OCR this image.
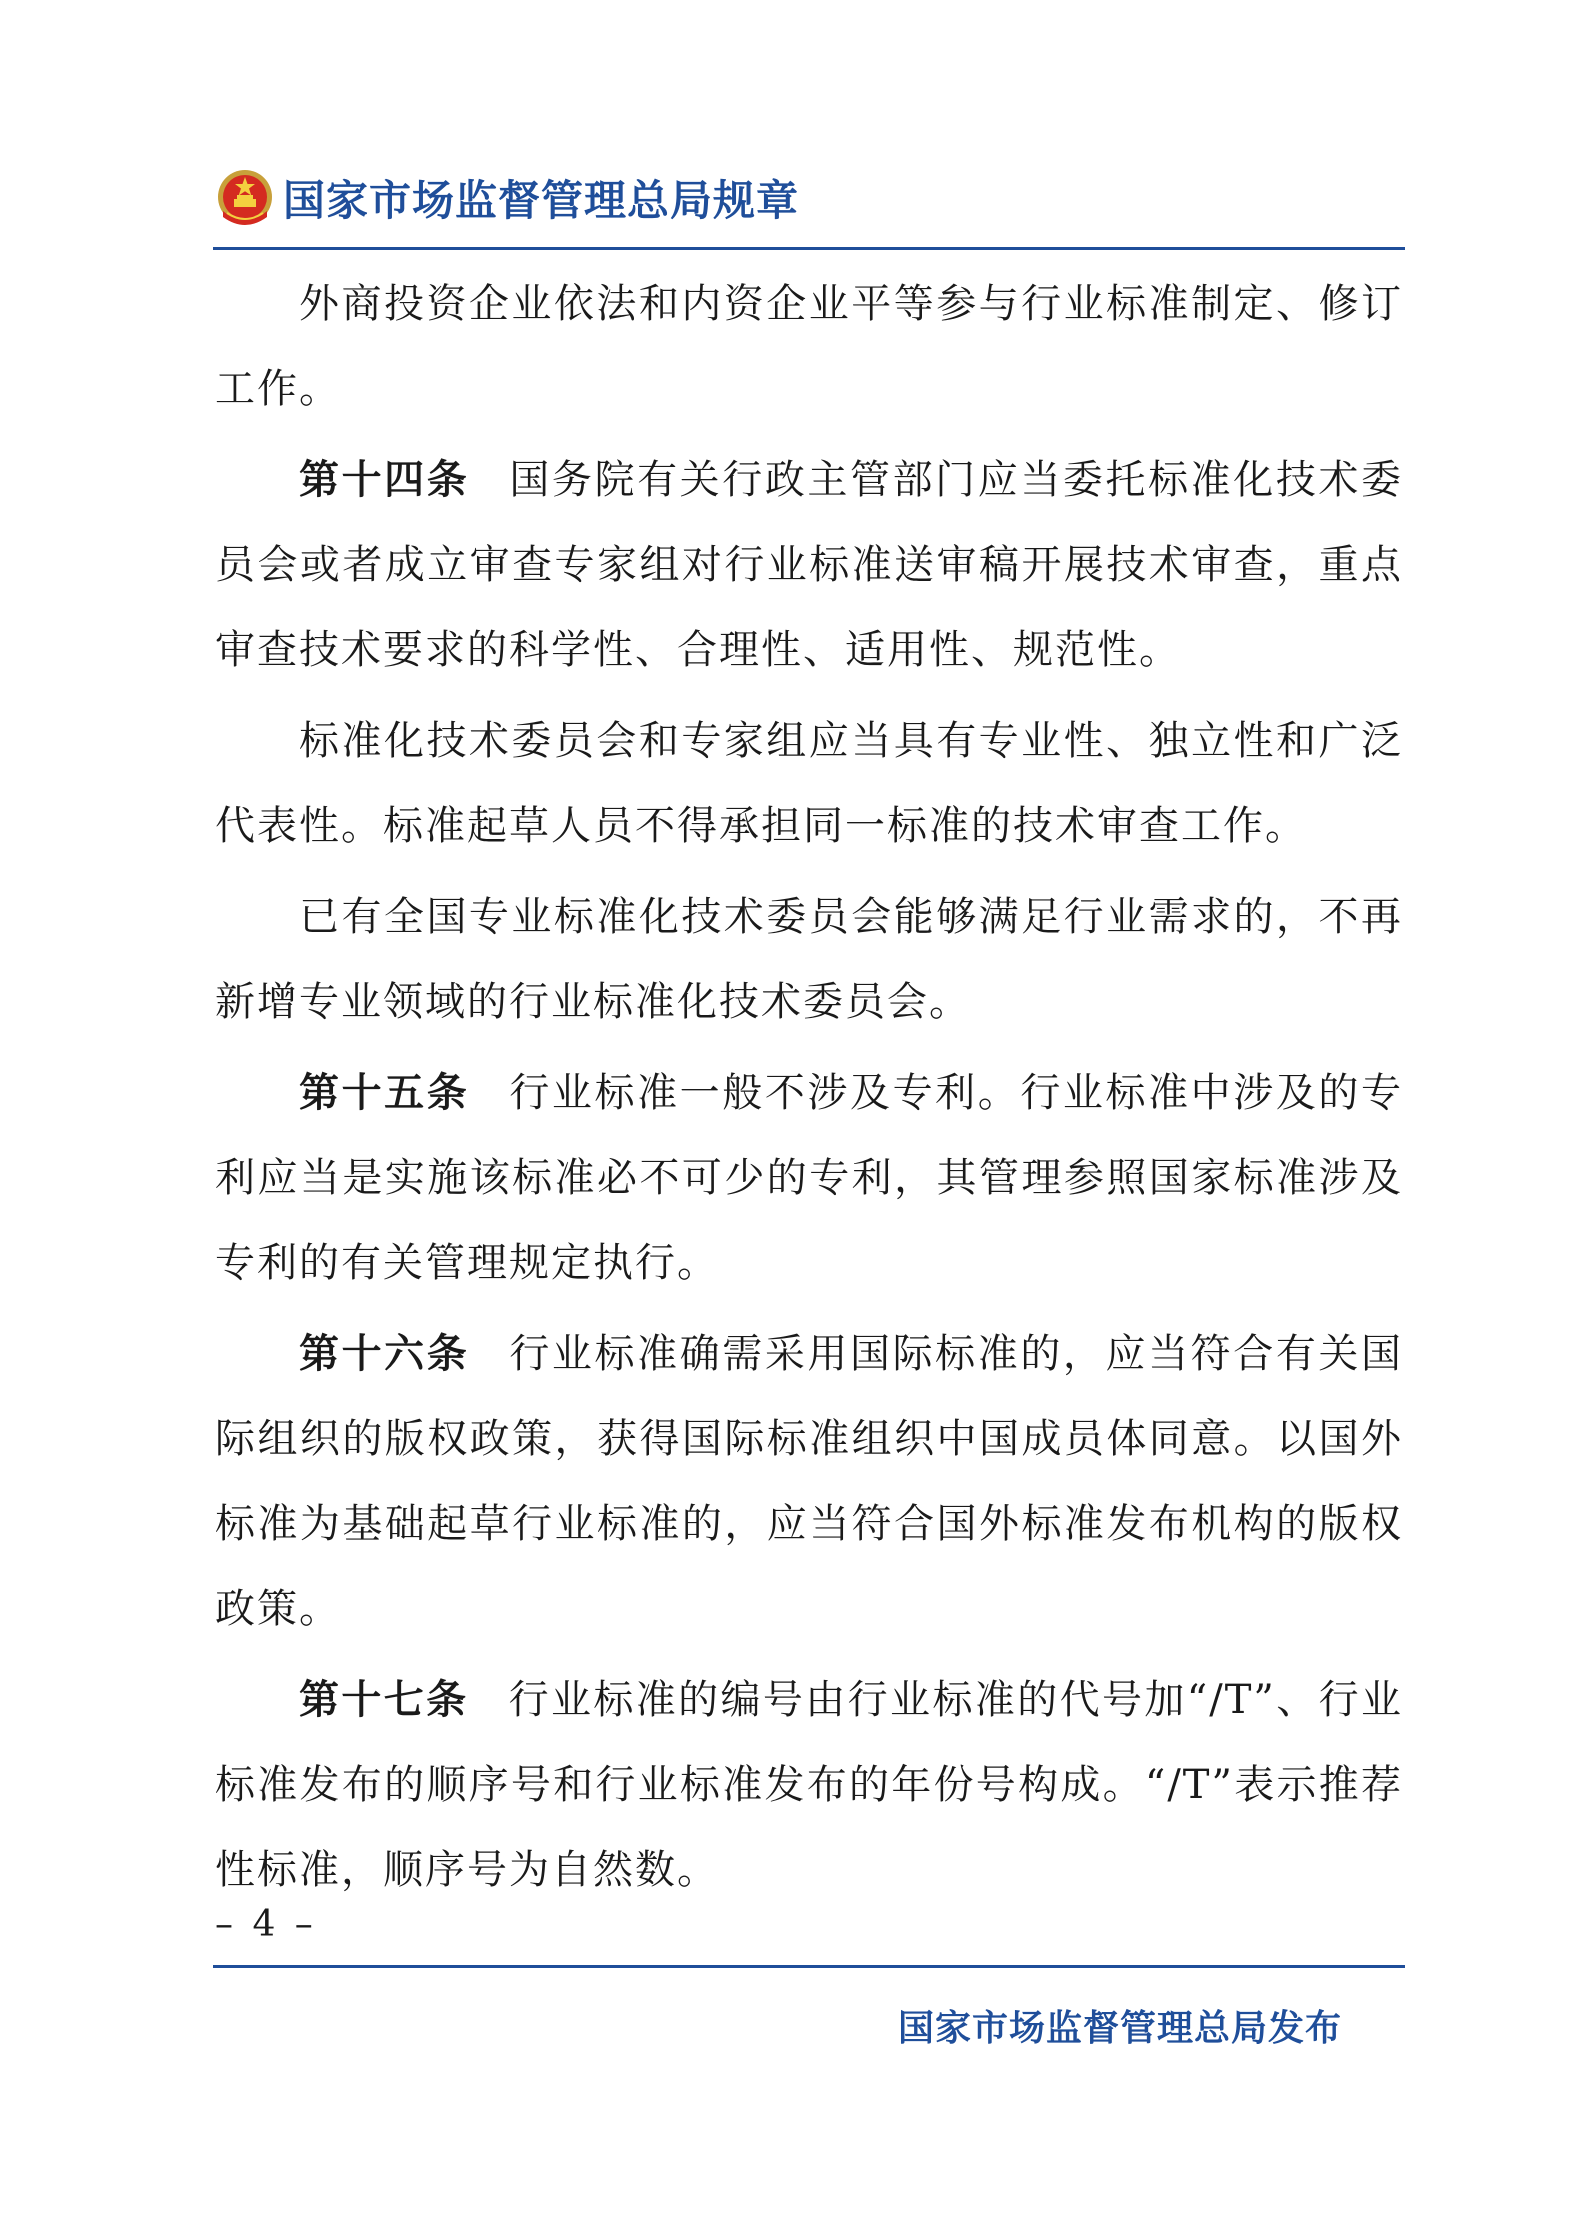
国家市场监督管理总局规章

外商投资企业依法和内资企业平等参与行业标准制定、修订工作。

第十四条 国务院有关行政主管部门应当委托标准化技术委员会或者成立审查专家组对行业标准送审稿开展技术审查，重点审查技术要求的科学性、合理性、适用性、规范性。

标准化技术委员会和专家组应当具有专业性、独立性和广泛代表性。标准起草人员不得承担同一标准的技术审查工作。

已有全国专业标准化技术委员会能够满足行业需求的，不再新增专业领域的行业标准化技术委员会。

第十五条 行业标准一般不涉及专利。行业标准中涉及的专利应当是实施该标准必不可少的专利，其管理参照国家标准涉及专利的有关管理规定执行。

第十六条 行业标准确需采用国际标准的，应当符合有关国际组织的版权政策，获得国际标准组织中国成员体同意。以国外标准为基础起草行业标准的，应当符合国外标准发布机构的版权政策。

第十七条 行业标准的编号由行业标准的代号加“/T”、行业标准发布的顺序号和行业标准发布的年份号构成。“/T”表示推荐性标准，顺序号为自然数。

– 4 –
国家市场监督管理总局发布
